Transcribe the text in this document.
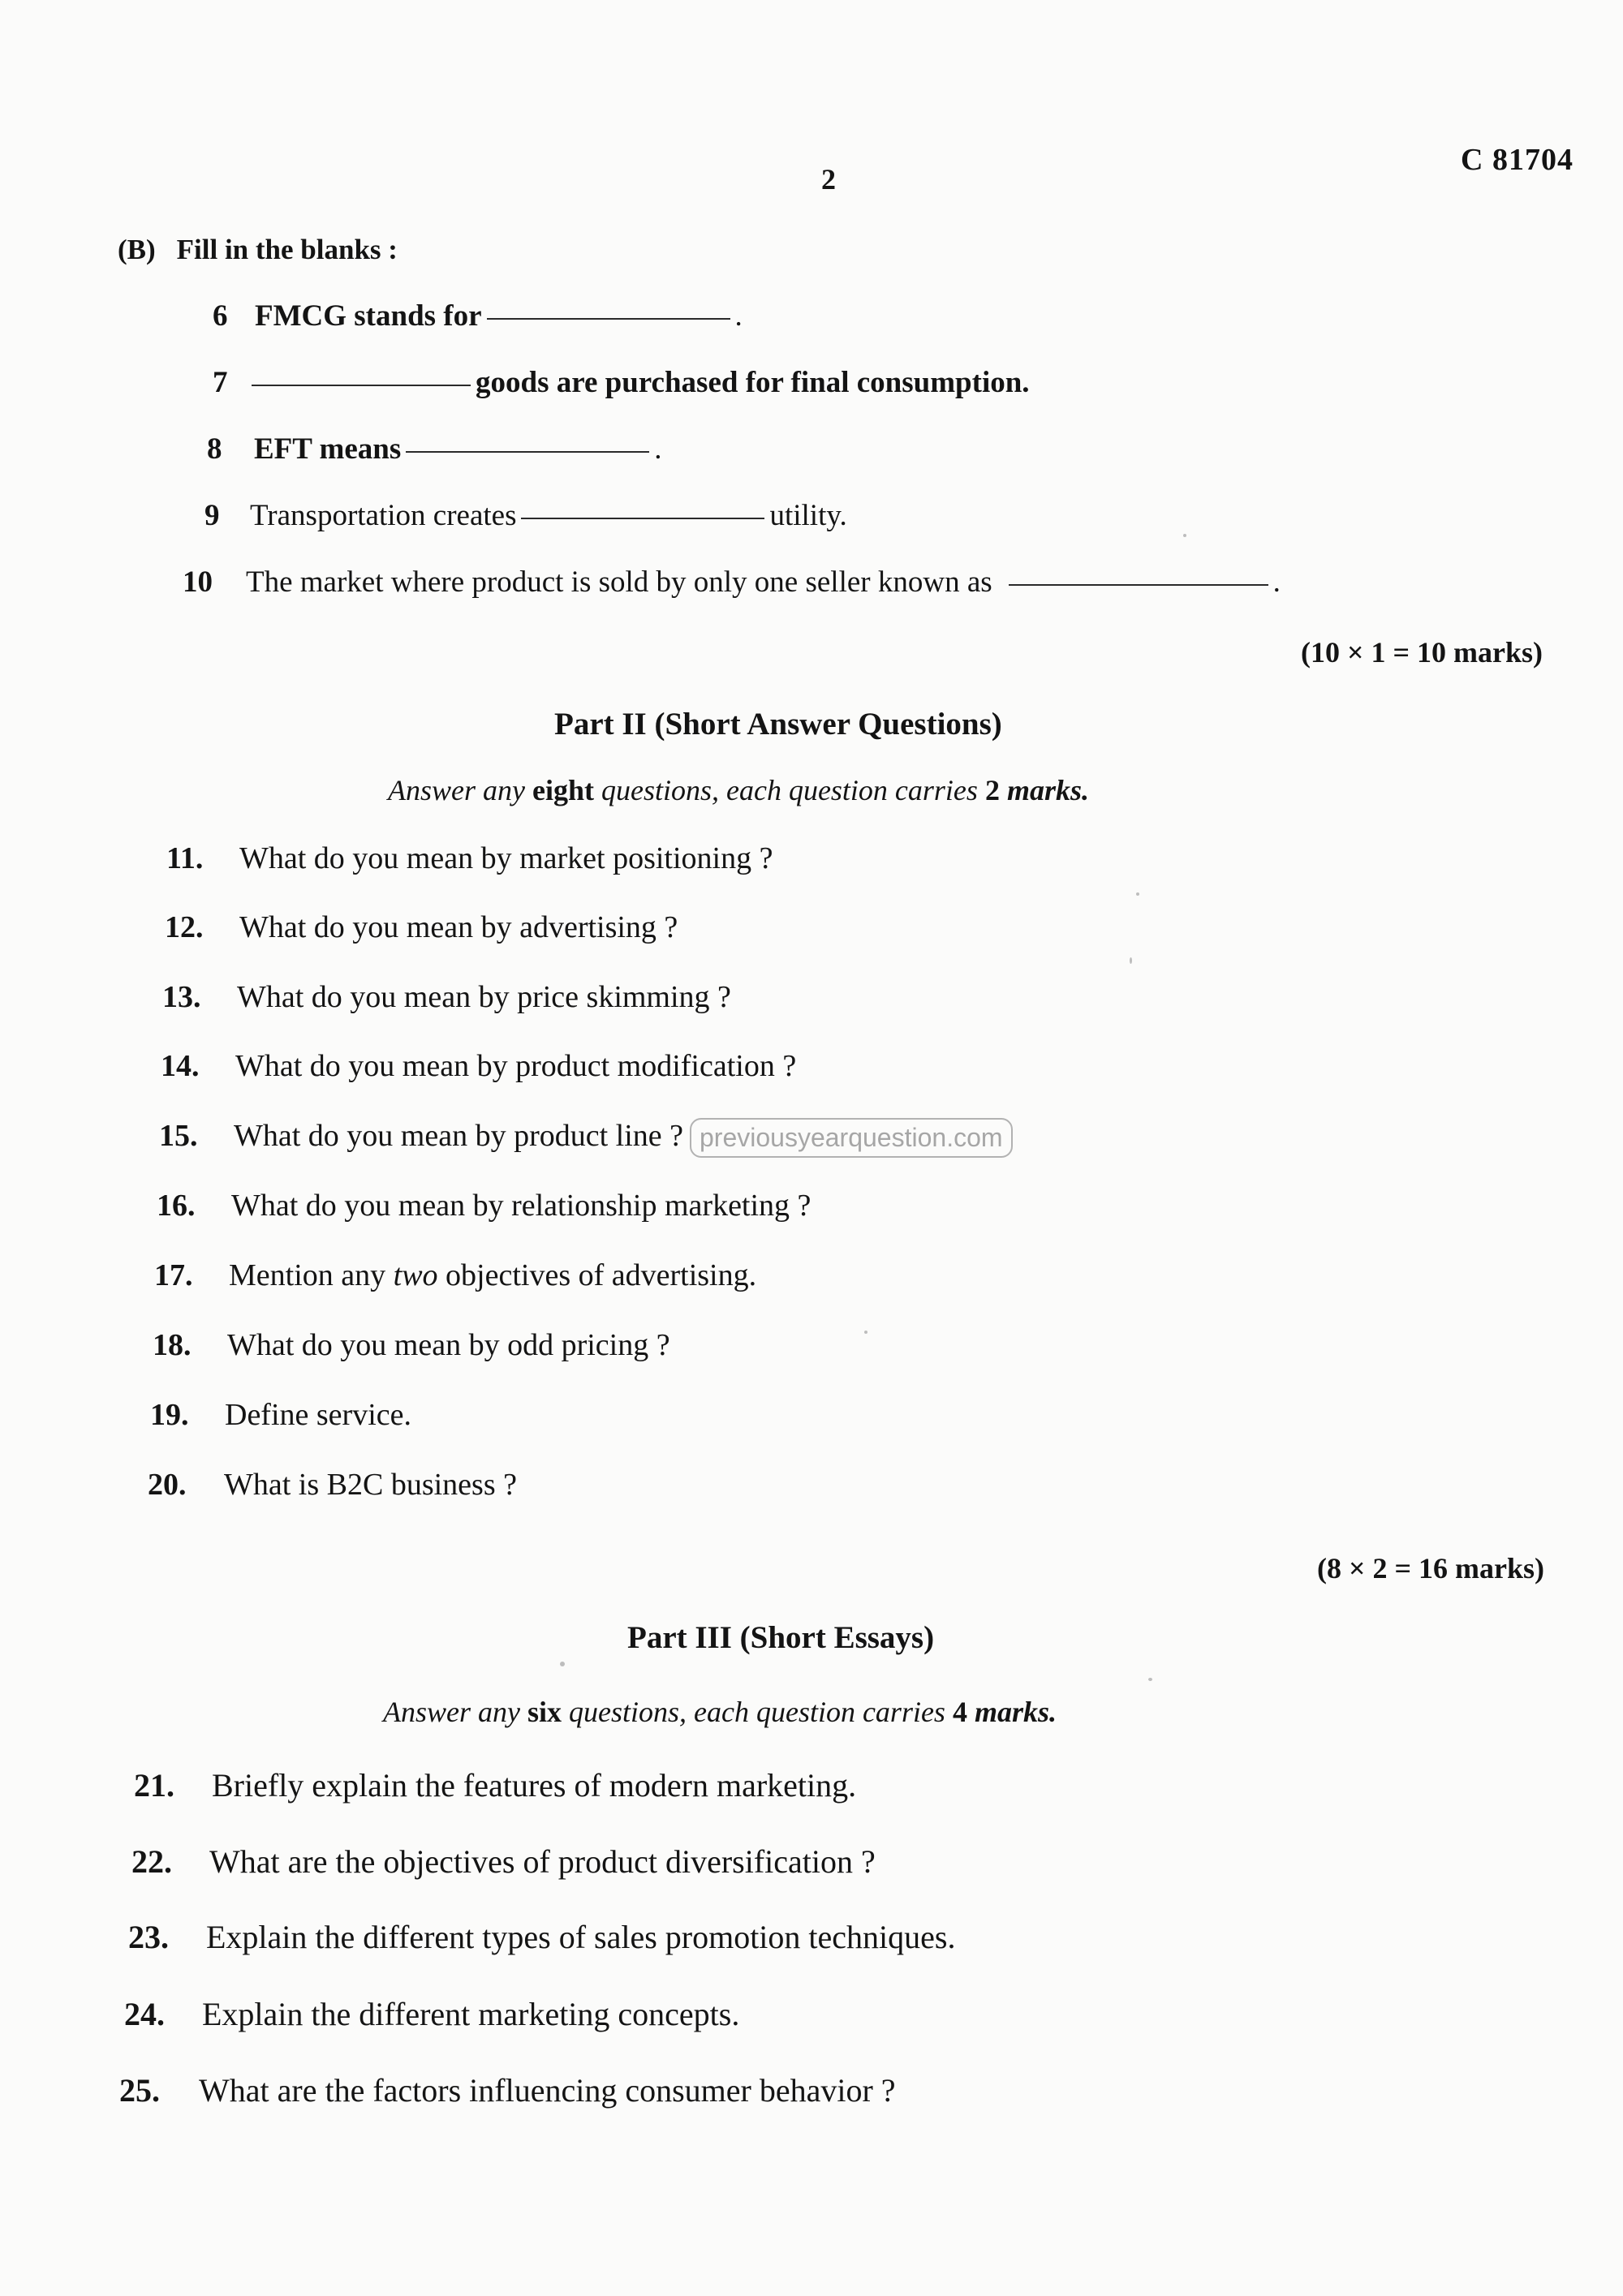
2
C 81704
(B) Fill in the blanks :
6 FMCG stands for	.
7	goods are purchased for final consumption.
8 EFT means	.
9 Transportation creates	utility.
10 The market where product is sold by only one seller known as	.
(10 × 1 = 10 marks)
Part II (Short Answer Questions)
Answer any eight questions, each question carries 2 marks.
11. What do you mean by market positioning ?
12. What do you mean by advertising ?
13. What do you mean by price skimming ?
14. What do you mean by product modification ?
15. What do you mean by product line ?
16. What do you mean by relationship marketing ?
17. Mention any two objectives of advertising.
18. What do you mean by odd pricing ?
19. Define service.
20. What is B2C business ?
(8 × 2 = 16 marks)
Part III (Short Essays)
Answer any six questions, each question carries 4 marks.
21. Briefly explain the features of modern marketing.
22. What are the objectives of product diversification ?
23. Explain the different types of sales promotion techniques.
24. Explain the different marketing concepts.
25. What are the factors influencing consumer behavior ?
previousyearquestion.com
